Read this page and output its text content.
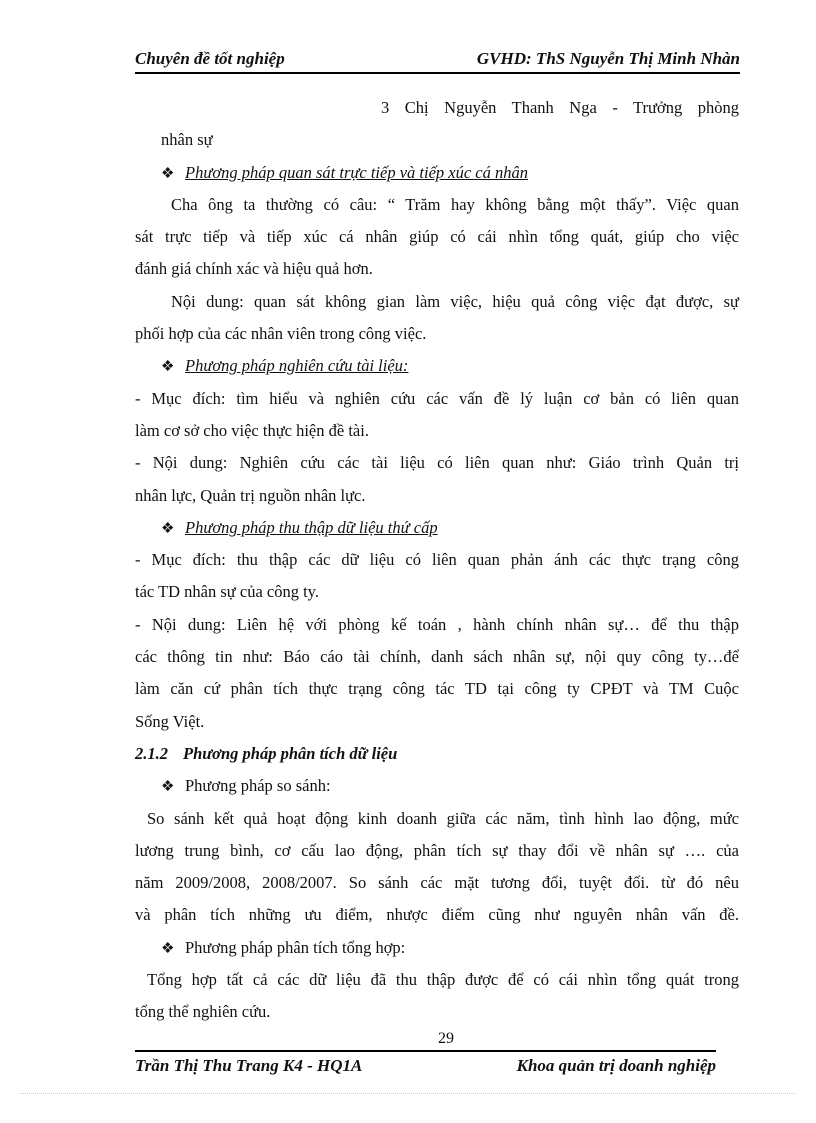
Chuyên đề tốt nghiệp	GVHD: ThS Nguyễn Thị Minh Nhàn
3 Chị Nguyễn Thanh Nga - Trưởng phòng
nhân sự
❖ Phương pháp quan sát trực tiếp và tiếp xúc cá nhân
Cha ông ta thường có câu: “ Trăm hay không bằng một thấy”. Việc quan
sát trực tiếp và tiếp xúc cá nhân giúp có cái nhìn tổng quát, giúp cho việc
đánh giá chính xác và hiệu quả hơn.
Nội dung: quan sát không gian làm việc, hiệu quả công việc đạt được, sự
phối hợp của các nhân viên trong công việc.
❖ Phương pháp nghiên cứu tài liệu:
- Mục đích: tìm hiểu và nghiên cứu các vấn đề lý luận cơ bản có liên quan
làm cơ sở cho việc thực hiện đề tài.
- Nội dung: Nghiên cứu các tài liệu có liên quan như: Giáo trình Quản trị
nhân lực, Quản trị nguồn nhân lực.
❖ Phương pháp thu thập dữ liệu thứ cấp
- Mục đích: thu thập các dữ liệu có liên quan phản ánh các thực trạng công
tác TD nhân sự của công ty.
- Nội dung: Liên hệ với phòng kế toán , hành chính nhân sự… để thu thập
các thông tin như: Báo cáo tài chính, danh sách nhân sự, nội quy công ty…để
làm căn cứ phân tích thực trạng công tác TD tại công ty CPĐT và TM Cuộc
Sống Việt.
2.1.2 Phương pháp phân tích dữ liệu
❖ Phương pháp so sánh:
So sánh kết quả hoạt động kinh doanh giữa các năm, tình hình lao động, mức
lương trung bình, cơ cấu lao động, phân tích sự thay đổi về nhân sự …. của
năm 2009/2008, 2008/2007. So sánh các mặt tương đối, tuyệt đối. từ đó nêu
và phân tích những ưu điểm, nhược điểm cũng như nguyên nhân vấn đề.
❖ Phương pháp phân tích tổng hợp:
Tổng hợp tất cả các dữ liệu đã thu thập được để có cái nhìn tổng quát trong
tổng thể nghiên cứu.
29
Trần Thị Thu Trang K4 - HQ1A	Khoa quản trị doanh nghiệp
